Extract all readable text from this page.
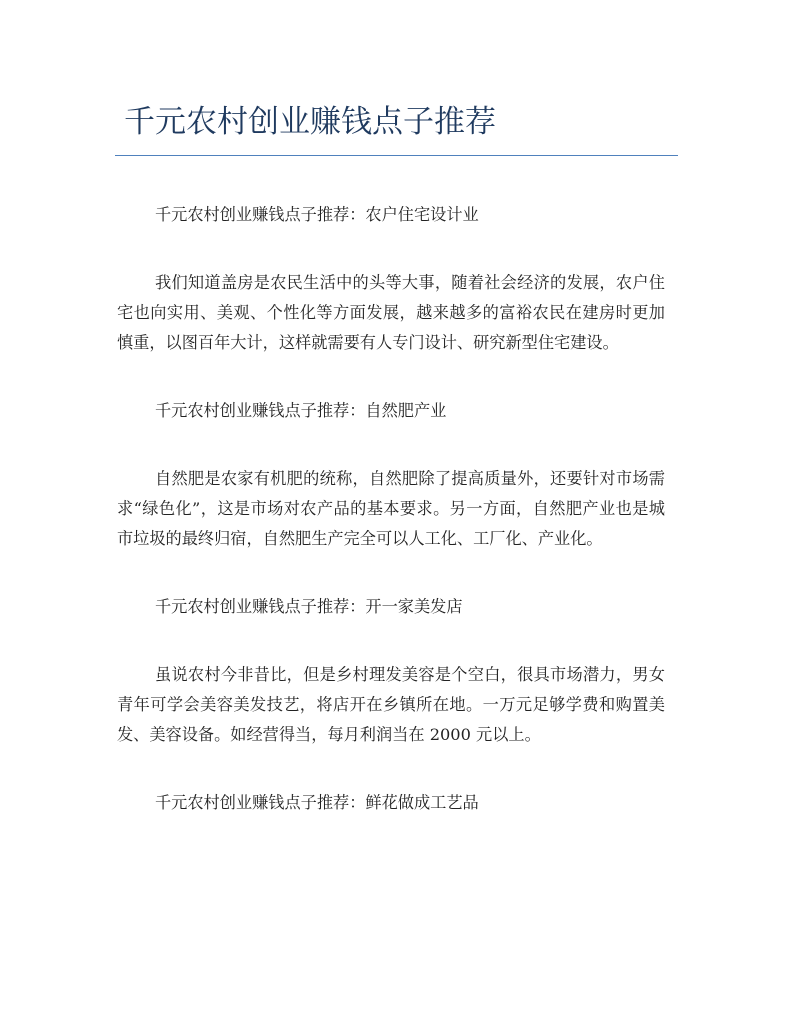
千元农村创业赚钱点子推荐

千元农村创业赚钱点子推荐：农户住宅设计业

我们知道盖房是农民生活中的头等大事，随着社会经济的发展，农户住宅也向实用、美观、个性化等方面发展，越来越多的富裕农民在建房时更加慎重，以图百年大计，这样就需要有人专门设计、研究新型住宅建设。

千元农村创业赚钱点子推荐：自然肥产业

自然肥是农家有机肥的统称，自然肥除了提高质量外，还要针对市场需求“绿色化”，这是市场对农产品的基本要求。另一方面，自然肥产业也是城市垃圾的最终归宿，自然肥生产完全可以人工化、工厂化、产业化。

千元农村创业赚钱点子推荐：开一家美发店

虽说农村今非昔比，但是乡村理发美容是个空白，很具市场潜力，男女青年可学会美容美发技艺，将店开在乡镇所在地。一万元足够学费和购置美发、美容设备。如经营得当，每月利润当在 2000 元以上。

千元农村创业赚钱点子推荐：鲜花做成工艺品
